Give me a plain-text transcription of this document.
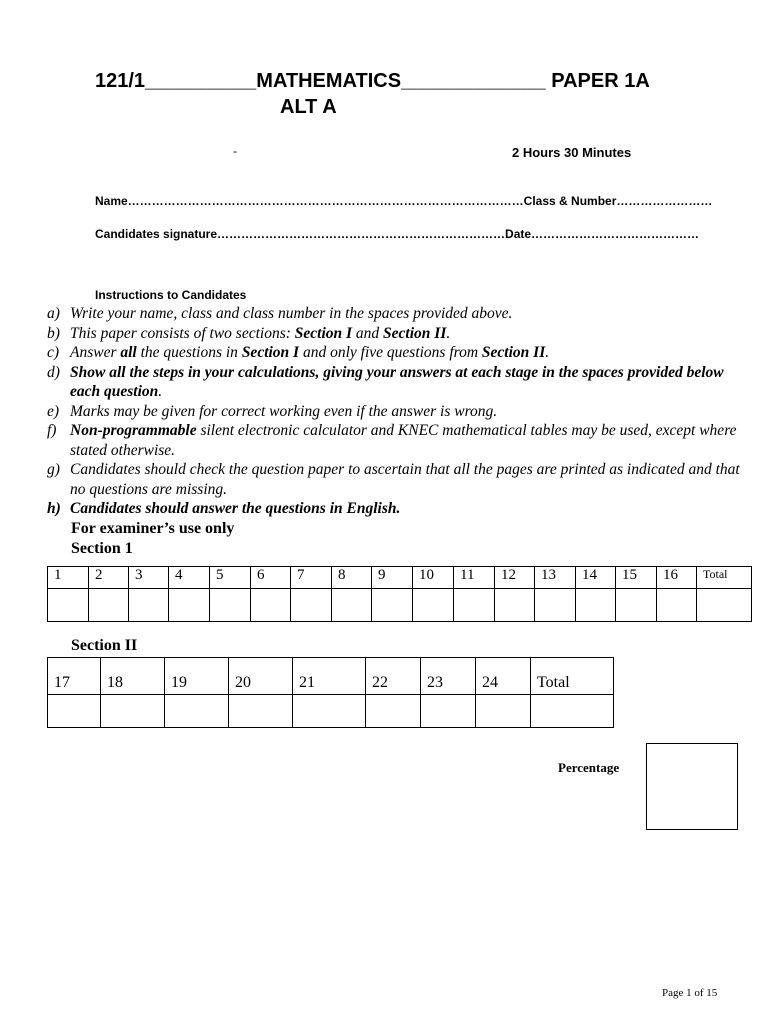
121/1__________MATHEMATICS_____________ PAPER 1A
ALT A
-	2 Hours 30 Minutes
Name………………………………………………………………………………………Class & Number……………………
Candidates signature………………………………………………………………Date……………………………………
Instructions to Candidates
a) Write your name, class and class number in the spaces provided above.
b) This paper consists of two sections: Section I and Section II.
c) Answer all the questions in Section I and only five questions from Section II.
d) Show all the steps in your calculations, giving your answers at each stage in the spaces provided below each question.
e) Marks may be given for correct working even if the answer is wrong.
f) Non-programmable silent electronic calculator and KNEC mathematical tables may be used, except where stated otherwise.
g) Candidates should check the question paper to ascertain that all the pages are printed as indicated and that no questions are missing.
h) Candidates should answer the questions in English.
For examiner’s use only
Section 1
1	2	3	4	5	6	7	8	9	10	11	12	13	14	15	16	Total

Section II
17	18	19	20	21	22	23	24	Total

Percentage
Page 1 of 15
